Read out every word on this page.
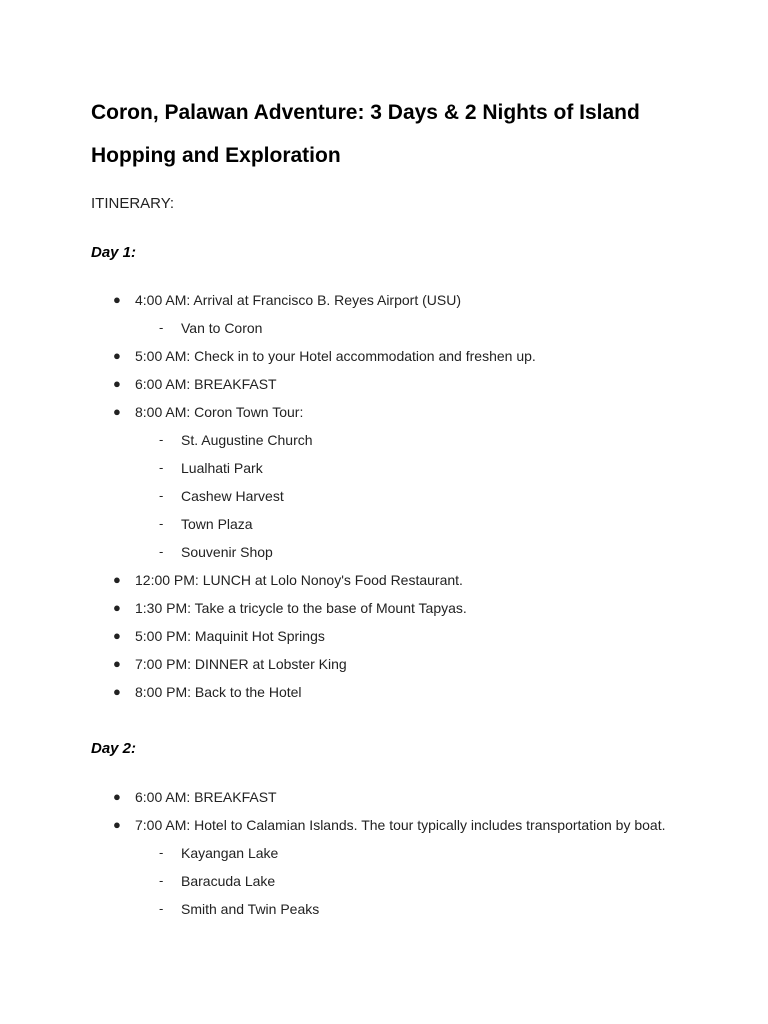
Coron, Palawan Adventure: 3 Days & 2 Nights of Island Hopping and Exploration
ITINERARY:
Day 1:
● 4:00 AM: Arrival at Francisco B. Reyes Airport (USU)
-	Van to Coron
● 5:00 AM: Check in to your Hotel accommodation and freshen up.
● 6:00 AM: BREAKFAST
● 8:00 AM: Coron Town Tour:
-	St. Augustine Church
-	Lualhati Park
-	Cashew Harvest
-	Town Plaza
-	Souvenir Shop
● 12:00 PM: LUNCH at Lolo Nonoy's Food Restaurant.
● 1:30 PM: Take a tricycle to the base of Mount Tapyas.
● 5:00 PM: Maquinit Hot Springs
● 7:00 PM: DINNER at Lobster King
● 8:00 PM: Back to the Hotel
Day 2:
● 6:00 AM: BREAKFAST
● 7:00 AM: Hotel to Calamian Islands. The tour typically includes transportation by boat.
-	Kayangan Lake
-	Baracuda Lake
-	Smith and Twin Peaks
